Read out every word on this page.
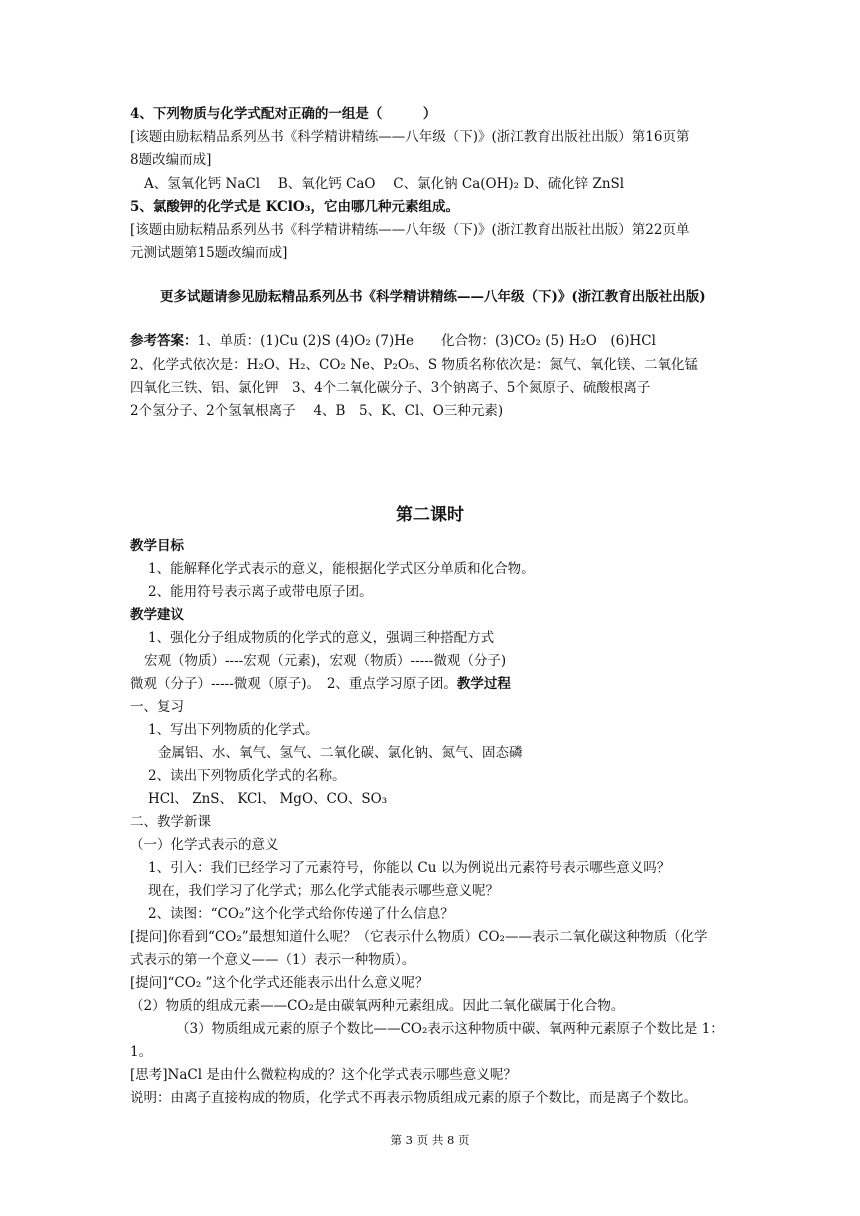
4、下列物质与化学式配对正确的一组是（　　　）
[该题由励耘精品系列丛书《科学精讲精练——八年级（下)》(浙江教育出版社出版）第16页第
8题改编而成]
A、氢氧化钙 NaCl　 B、氧化钙 CaO　 C、氯化钠 Ca(OH)₂ D、硫化锌 ZnSl
5、氯酸钾的化学式是 KClO₃，它由哪几种元素组成。
[该题由励耘精品系列丛书《科学精讲精练——八年级（下)》(浙江教育出版社出版）第22页单
元测试题第15题改编而成]
更多试题请参见励耘精品系列丛书《科学精讲精练——八年级（下)》(浙江教育出版社出版)
参考答案：1、单质：(1)Cu (2)S (4)O₂ (7)He　　化合物：(3)CO₂ (5) H₂O　(6)HCl
2、化学式依次是：H₂O、H₂、CO₂ Ne、P₂O₅、S 物质名称依次是：氮气、氧化镁、二氧化锰
四氧化三铁、铝、氯化钾　3、4个二氧化碳分子、3个钠离子、5个氮原子、硫酸根离子
2个氢分子、2个氢氧根离子　 4、B　5、K、Cl、O三种元素)
第二课时
教学目标
1、能解释化学式表示的意义，能根据化学式区分单质和化合物。
2、能用符号表示离子或带电原子团。
教学建议
1、强化分子组成物质的化学式的意义，强调三种搭配方式
宏观（物质）----宏观（元素)，宏观（物质）-----微观（分子)
微观（分子）-----微观（原子)。　2、重点学习原子团。教学过程
一、复习
1、写出下列物质的化学式。
金属铝、水、氧气、氢气、二氧化碳、氯化钠、氮气、固态磷
2、读出下列物质化学式的名称。
HCl、 ZnS、 KCl、 MgO、CO、SO₃
二、教学新课
（一）化学式表示的意义
1、引入：我们已经学习了元素符号，你能以 Cu 以为例说出元素符号表示哪些意义吗？
现在，我们学习了化学式；那么化学式能表示哪些意义呢？
2、读图：“CO₂”这个化学式给你传递了什么信息？
[提问]你看到“CO₂”最想知道什么呢？（它表示什么物质）CO₂——表示二氧化碳这种物质（化学
式表示的第一个意义——（1）表示一种物质）。
[提问]“CO₂ ”这个化学式还能表示出什么意义呢？
（2）物质的组成元素——CO₂是由碳氧两种元素组成。因此二氧化碳属于化合物。
（3）物质组成元素的原子个数比——CO₂表示这种物质中碳、氧两种元素原子个数比是 1：
1。
[思考]NaCl 是由什么微粒构成的？这个化学式表示哪些意义呢？
说明：由离子直接构成的物质，化学式不再表示物质组成元素的原子个数比，而是离子个数比。
第 3 页 共 8 页
